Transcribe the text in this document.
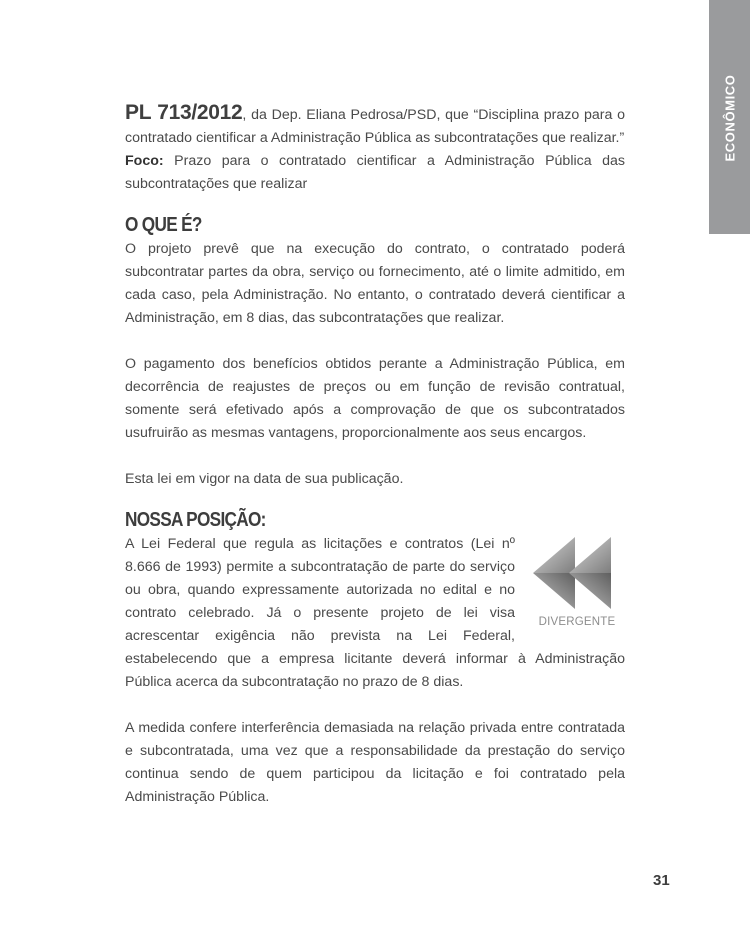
ECONÔMICO

PL 713/2012, da Dep. Eliana Pedrosa/PSD, que “Disciplina prazo para o contratado cientificar a Administração Pública as subcontratações que realizar.”

Foco: Prazo para o contratado cientificar a Administração Pública das subcontratações que realizar

O QUE É?

O projeto prevê que na execução do contrato, o contratado poderá subcontratar partes da obra, serviço ou fornecimento, até o limite admitido, em cada caso, pela Administração. No entanto, o contratado deverá cientificar a Administração, em 8 dias, das subcontratações que realizar.

O pagamento dos benefícios obtidos perante a Administração Pública, em decorrência de reajustes de preços ou em função de revisão contratual, somente será efetivado após a comprovação de que os subcontratados usufruirão as mesmas vantagens, proporcionalmente aos seus encargos.

Esta lei em vigor na data de sua publicação.

NOSSA POSIÇÃO:
DIVERGENTE

A Lei Federal que regula as licitações e contratos (Lei nº 8.666 de 1993) permite a subcontratação de parte do serviço ou obra, quando expressamente autorizada no edital e no contrato celebrado. Já o presente projeto de lei visa acrescentar exigência não prevista na Lei Federal, estabelecendo que a empresa licitante deverá informar à Administração Pública acerca da subcontratação no prazo de 8 dias.

A medida confere interferência demasiada na relação privada entre contratada e subcontratada, uma vez que a responsabilidade da prestação do serviço continua sendo de quem participou da licitação e foi contratado pela Administração Pública.

31
